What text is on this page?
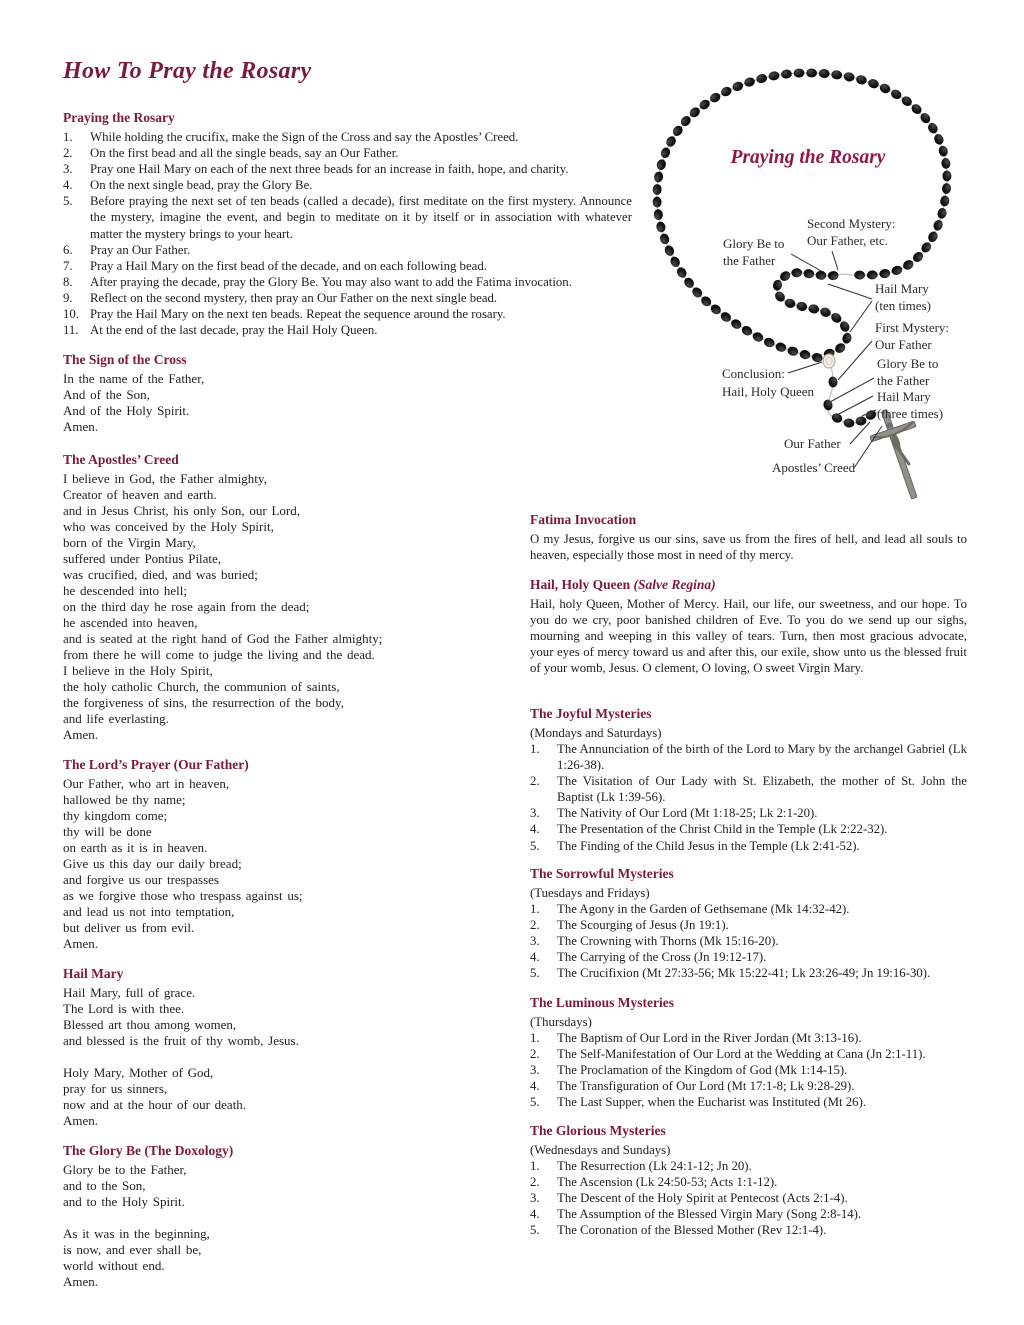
How To Pray the Rosary
Praying the Rosary
1.	While holding the crucifix, make the Sign of the Cross and say the Apostles’ Creed.
2.	On the first bead and all the single beads, say an Our Father.
3.	Pray one Hail Mary on each of the next three beads for an increase in faith, hope, and charity.
4.	On the next single bead, pray the Glory Be.
5.	Before praying the next set of ten beads (called a decade), first meditate on the first mystery. Announce the mystery, imagine the event, and begin to meditate on it by itself or in association with whatever matter the mystery brings to your heart.
6.	Pray an Our Father.
7.	Pray a Hail Mary on the first bead of the decade, and on each following bead.
8.	After praying the decade, pray the Glory Be. You may also want to add the Fatima invocation.
9.	Reflect on the second mystery, then pray an Our Father on the next single bead.
10. Pray the Hail Mary on the next ten beads. Repeat the sequence around the rosary.
11. At the end of the last decade, pray the Hail Holy Queen.
The Sign of the Cross
In the name of the Father,
And of the Son,
And of the Holy Spirit.
Amen.
The Apostles’ Creed
I believe in God, the Father almighty,
Creator of heaven and earth.
and in Jesus Christ, his only Son, our Lord,
who was conceived by the Holy Spirit,
born of the Virgin Mary,
suffered under Pontius Pilate,
was crucified, died, and was buried;
he descended into hell;
on the third day he rose again from the dead;
he ascended into heaven,
and is seated at the right hand of God the Father almighty;
from there he will come to judge the living and the dead.
I believe in the Holy Spirit,
the holy catholic Church, the communion of saints,
the forgiveness of sins, the resurrection of the body,
and life everlasting.
Amen.
The Lord’s Prayer (Our Father)
Our Father, who art in heaven,
hallowed be thy name;
thy kingdom come;
thy will be done
on earth as it is in heaven.
Give us this day our daily bread;
and forgive us our trespasses
as we forgive those who trespass against us;
and lead us not into temptation,
but deliver us from evil.
Amen.
Hail Mary
Hail Mary, full of grace.
The Lord is with thee.
Blessed art thou among women,
and blessed is the fruit of thy womb, Jesus.

Holy Mary, Mother of God,
pray for us sinners,
now and at the hour of our death.
Amen.
The Glory Be (The Doxology)
Glory be to the Father,
and to the Son,
and to the Holy Spirit.

As it was in the beginning,
is now, and ever shall be,
world without end.
Amen.
Fatima Invocation

O my Jesus, forgive us our sins, save us from the fires of hell, and lead all souls to heaven, especially those most in need of thy mercy.

Hail, Holy Queen (Salve Regina)

Hail, holy Queen, Mother of Mercy. Hail, our life, our sweetness, and our hope. To you do we cry, poor banished children of Eve. To you do we send up our sighs, mourning and weeping in this valley of tears. Turn, then most gracious advocate, your eyes of mercy toward us and after this, our exile, show unto us the blessed fruit of your womb, Jesus. O clement, O loving, O sweet Virgin Mary.

The Joyful Mysteries
(Mondays and Saturdays)
1.	The Annunciation of the birth of the Lord to Mary by the archangel Gabriel (Lk 1:26-38).
2.	The Visitation of Our Lady with St. Elizabeth, the mother of St. John the Baptist (Lk 1:39-56).
3.	The Nativity of Our Lord (Mt 1:18-25; Lk 2:1-20).
4.	The Presentation of the Christ Child in the Temple (Lk 2:22-32).
5.	The Finding of the Child Jesus in the Temple (Lk 2:41-52).
The Sorrowful Mysteries
(Tuesdays and Fridays)
1.	The Agony in the Garden of Gethsemane (Mk 14:32-42).
2.	The Scourging of Jesus (Jn 19:1).
3.	The Crowning with Thorns (Mk 15:16-20).
4.	The Carrying of the Cross (Jn 19:12-17).
5.	The Crucifixion (Mt 27:33-56; Mk 15:22-41; Lk 23:26-49; Jn 19:16-30).
The Luminous Mysteries
(Thursdays)
1.	The Baptism of Our Lord in the River Jordan (Mt 3:13-16).
2.	The Self-Manifestation of Our Lord at the Wedding at Cana (Jn 2:1-11).
3.	The Proclamation of the Kingdom of God (Mk 1:14-15).
4.	The Transfiguration of Our Lord (Mt 17:1-8; Lk 9:28-29).
5.	The Last Supper, when the Eucharist was Instituted (Mt 26).
The Glorious Mysteries
(Wednesdays and Sundays)
1.	The Resurrection (Lk 24:1-12; Jn 20).
2.	The Ascension (Lk 24:50-53; Acts 1:1-12).
3.	The Descent of the Holy Spirit at Pentecost (Acts 2:1-4).
4.	The Assumption of the Blessed Virgin Mary (Song 2:8-14).
5.	The Coronation of the Blessed Mother (Rev 12:1-4).
Praying the Rosary
Second Mystery:
Our Father, etc.
Glory Be to
the Father
Hail Mary
(ten times)
First Mystery:
Our Father
Glory Be to
the Father
Hail Mary
(three times)
Conclusion:
Hail, Holy Queen
Our Father
Apostles’ Creed
